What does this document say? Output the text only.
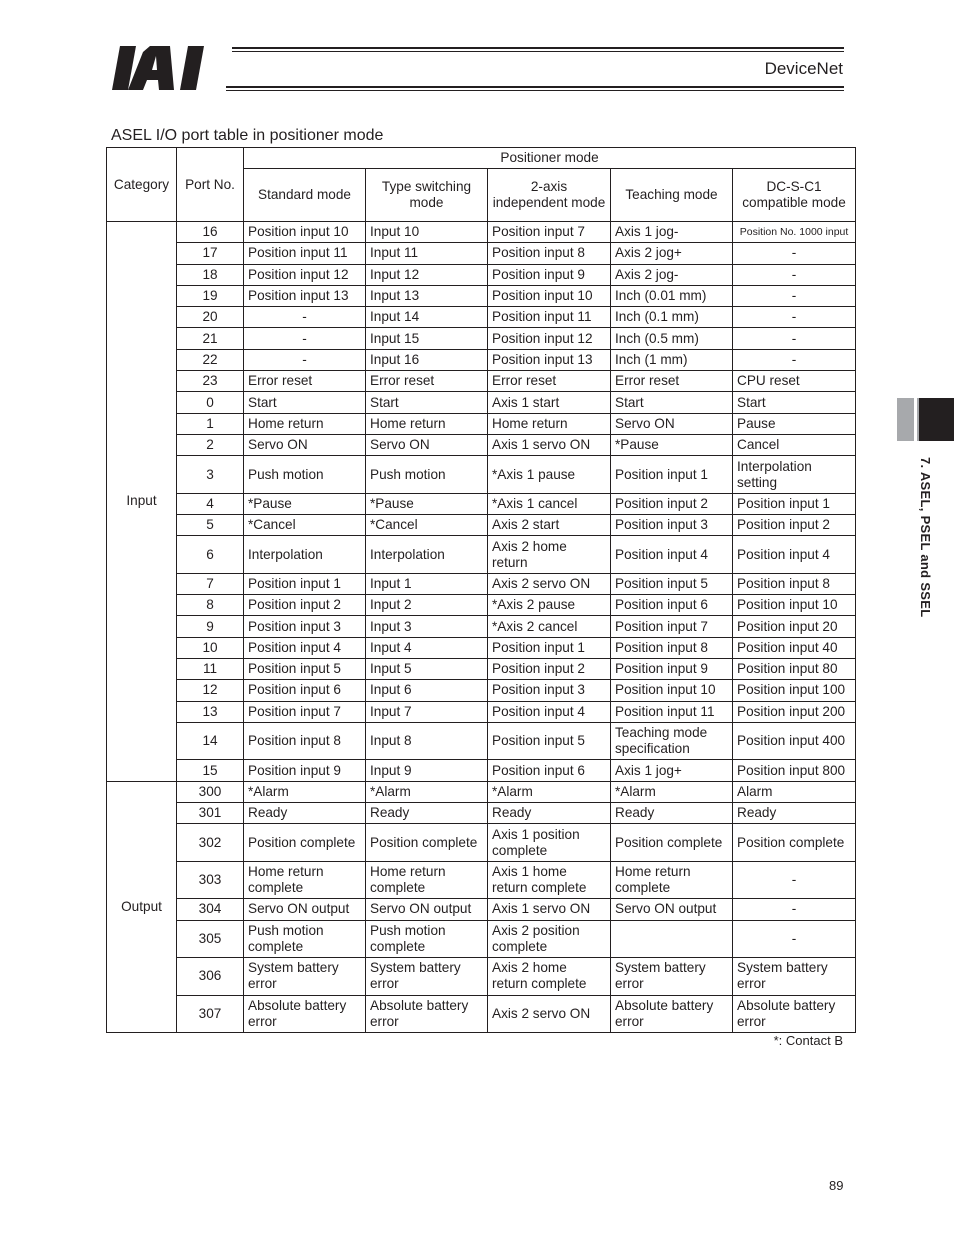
DeviceNet
ASEL I/O port table in positioner mode
Category	Port No.	Positioner mode				
		Standard mode	Type switching mode	2-axis independent mode	Teaching mode	DC-S-C1 compatible mode
Input	16	Position input 10	Input 10	Position input 7	Axis 1 jog-	Position No. 1000 input
	17	Position input 11	Input 11	Position input 8	Axis 2 jog+	-
	18	Position input 12	Input 12	Position input 9	Axis 2 jog-	-
	19	Position input 13	Input 13	Position input 10	Inch (0.01 mm)	-
	20	-	Input 14	Position input 11	Inch (0.1 mm)	-
	21	-	Input 15	Position input 12	Inch (0.5 mm)	-
	22	-	Input 16	Position input 13	Inch (1 mm)	-
	23	Error reset	Error reset	Error reset	Error reset	CPU reset
	0	Start	Start	Axis 1 start	Start	Start
	1	Home return	Home return	Home return	Servo ON	Pause
	2	Servo ON	Servo ON	Axis 1 servo ON	*Pause	Cancel
	3	Push motion	Push motion	*Axis 1 pause	Position input 1	Interpolation setting
	4	*Pause	*Pause	*Axis 1 cancel	Position input 2	Position input 1
	5	*Cancel	*Cancel	Axis 2 start	Position input 3	Position input 2
	6	Interpolation	Interpolation	Axis 2 home return	Position input 4	Position input 4
	7	Position input 1	Input 1	Axis 2 servo ON	Position input 5	Position input 8
	8	Position input 2	Input 2	*Axis 2 pause	Position input 6	Position input 10
	9	Position input 3	Input 3	*Axis 2 cancel	Position input 7	Position input 20
	10	Position input 4	Input 4	Position input 1	Position input 8	Position input 40
	11	Position input 5	Input 5	Position input 2	Position input 9	Position input 80
	12	Position input 6	Input 6	Position input 3	Position input 10	Position input 100
	13	Position input 7	Input 7	Position input 4	Position input 11	Position input 200
	14	Position input 8	Input 8	Position input 5	Teaching mode specification	Position input 400
	15	Position input 9	Input 9	Position input 6	Axis 1 jog+	Position input 800
Output	300	*Alarm	*Alarm	*Alarm	*Alarm	Alarm
	301	Ready	Ready	Ready	Ready	Ready
	302	Position complete	Position complete	Axis 1 position complete	Position complete	Position complete
	303	Home return complete	Home return complete	Axis 1 home return complete	Home return complete	-
	304	Servo ON output	Servo ON output	Axis 1 servo ON	Servo ON output	-
	305	Push motion complete	Push motion complete	Axis 2 position complete		-
	306	System battery error	System battery error	Axis 2 home return complete	System battery error	System battery error
	307	Absolute battery error	Absolute battery error	Axis 2 servo ON	Absolute battery error	Absolute battery error
*: Contact B
7. ASEL, PSEL and SSEL
89
